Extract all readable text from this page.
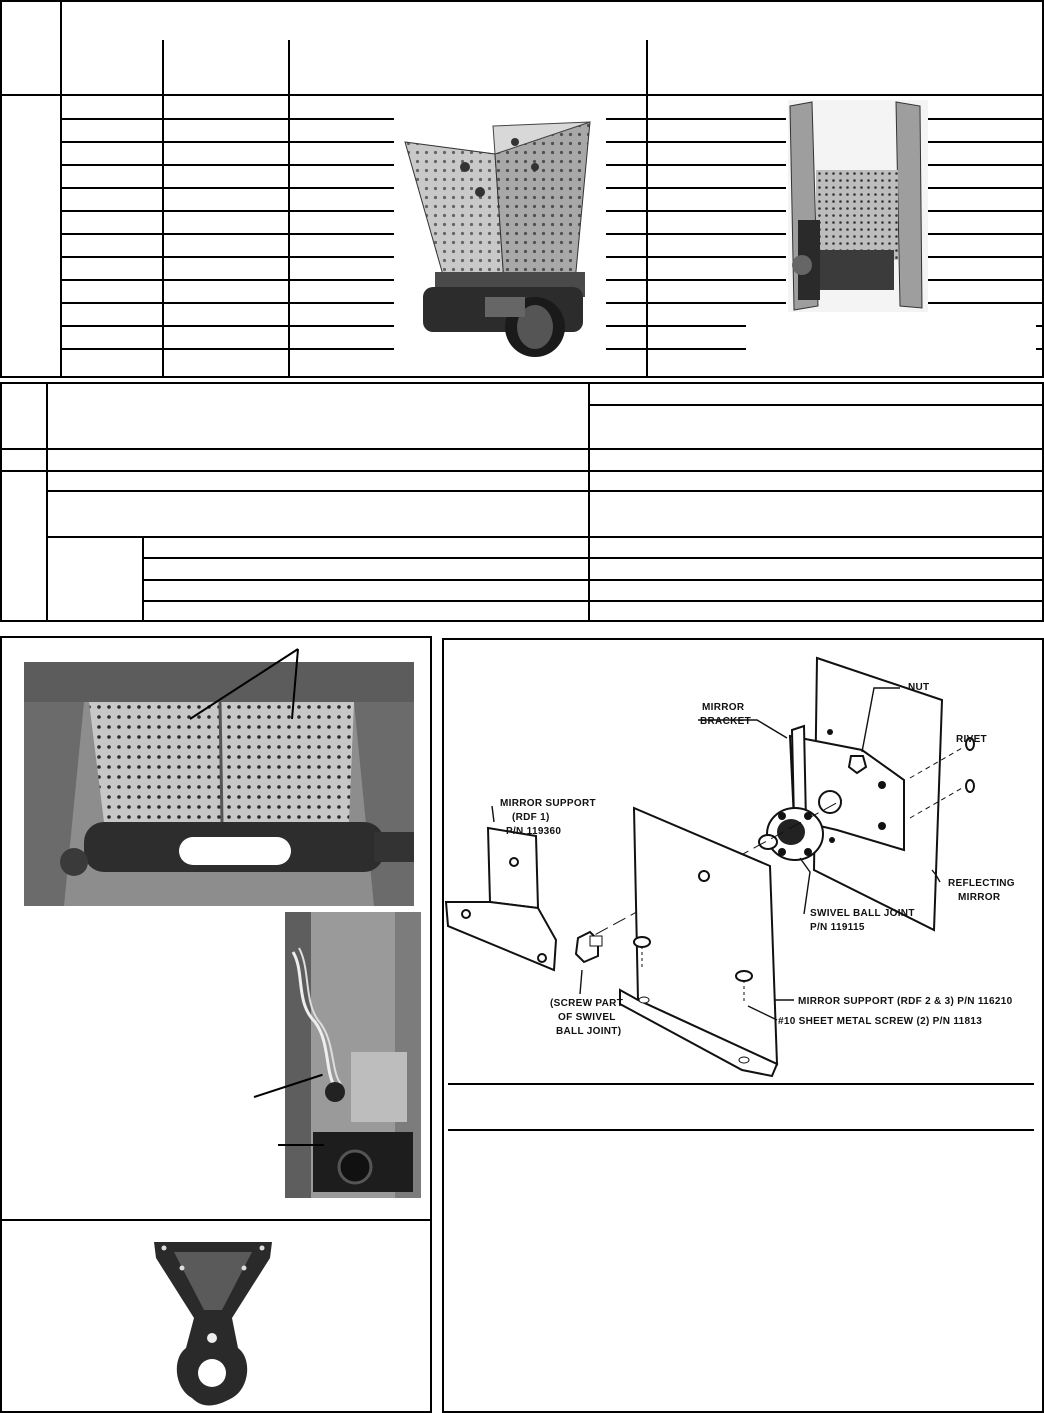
NUT
MIRROR
BRACKET
RIVET
MIRROR SUPPORT
(RDF 1)
P/N 119360
REFLECTING
MIRROR
SWIVEL BALL JOINT
P/N 119115
(SCREW PART
OF SWIVEL
BALL JOINT)
MIRROR SUPPORT (RDF 2 & 3) P/N 116210
#10 SHEET METAL SCREW (2) P/N 11813
